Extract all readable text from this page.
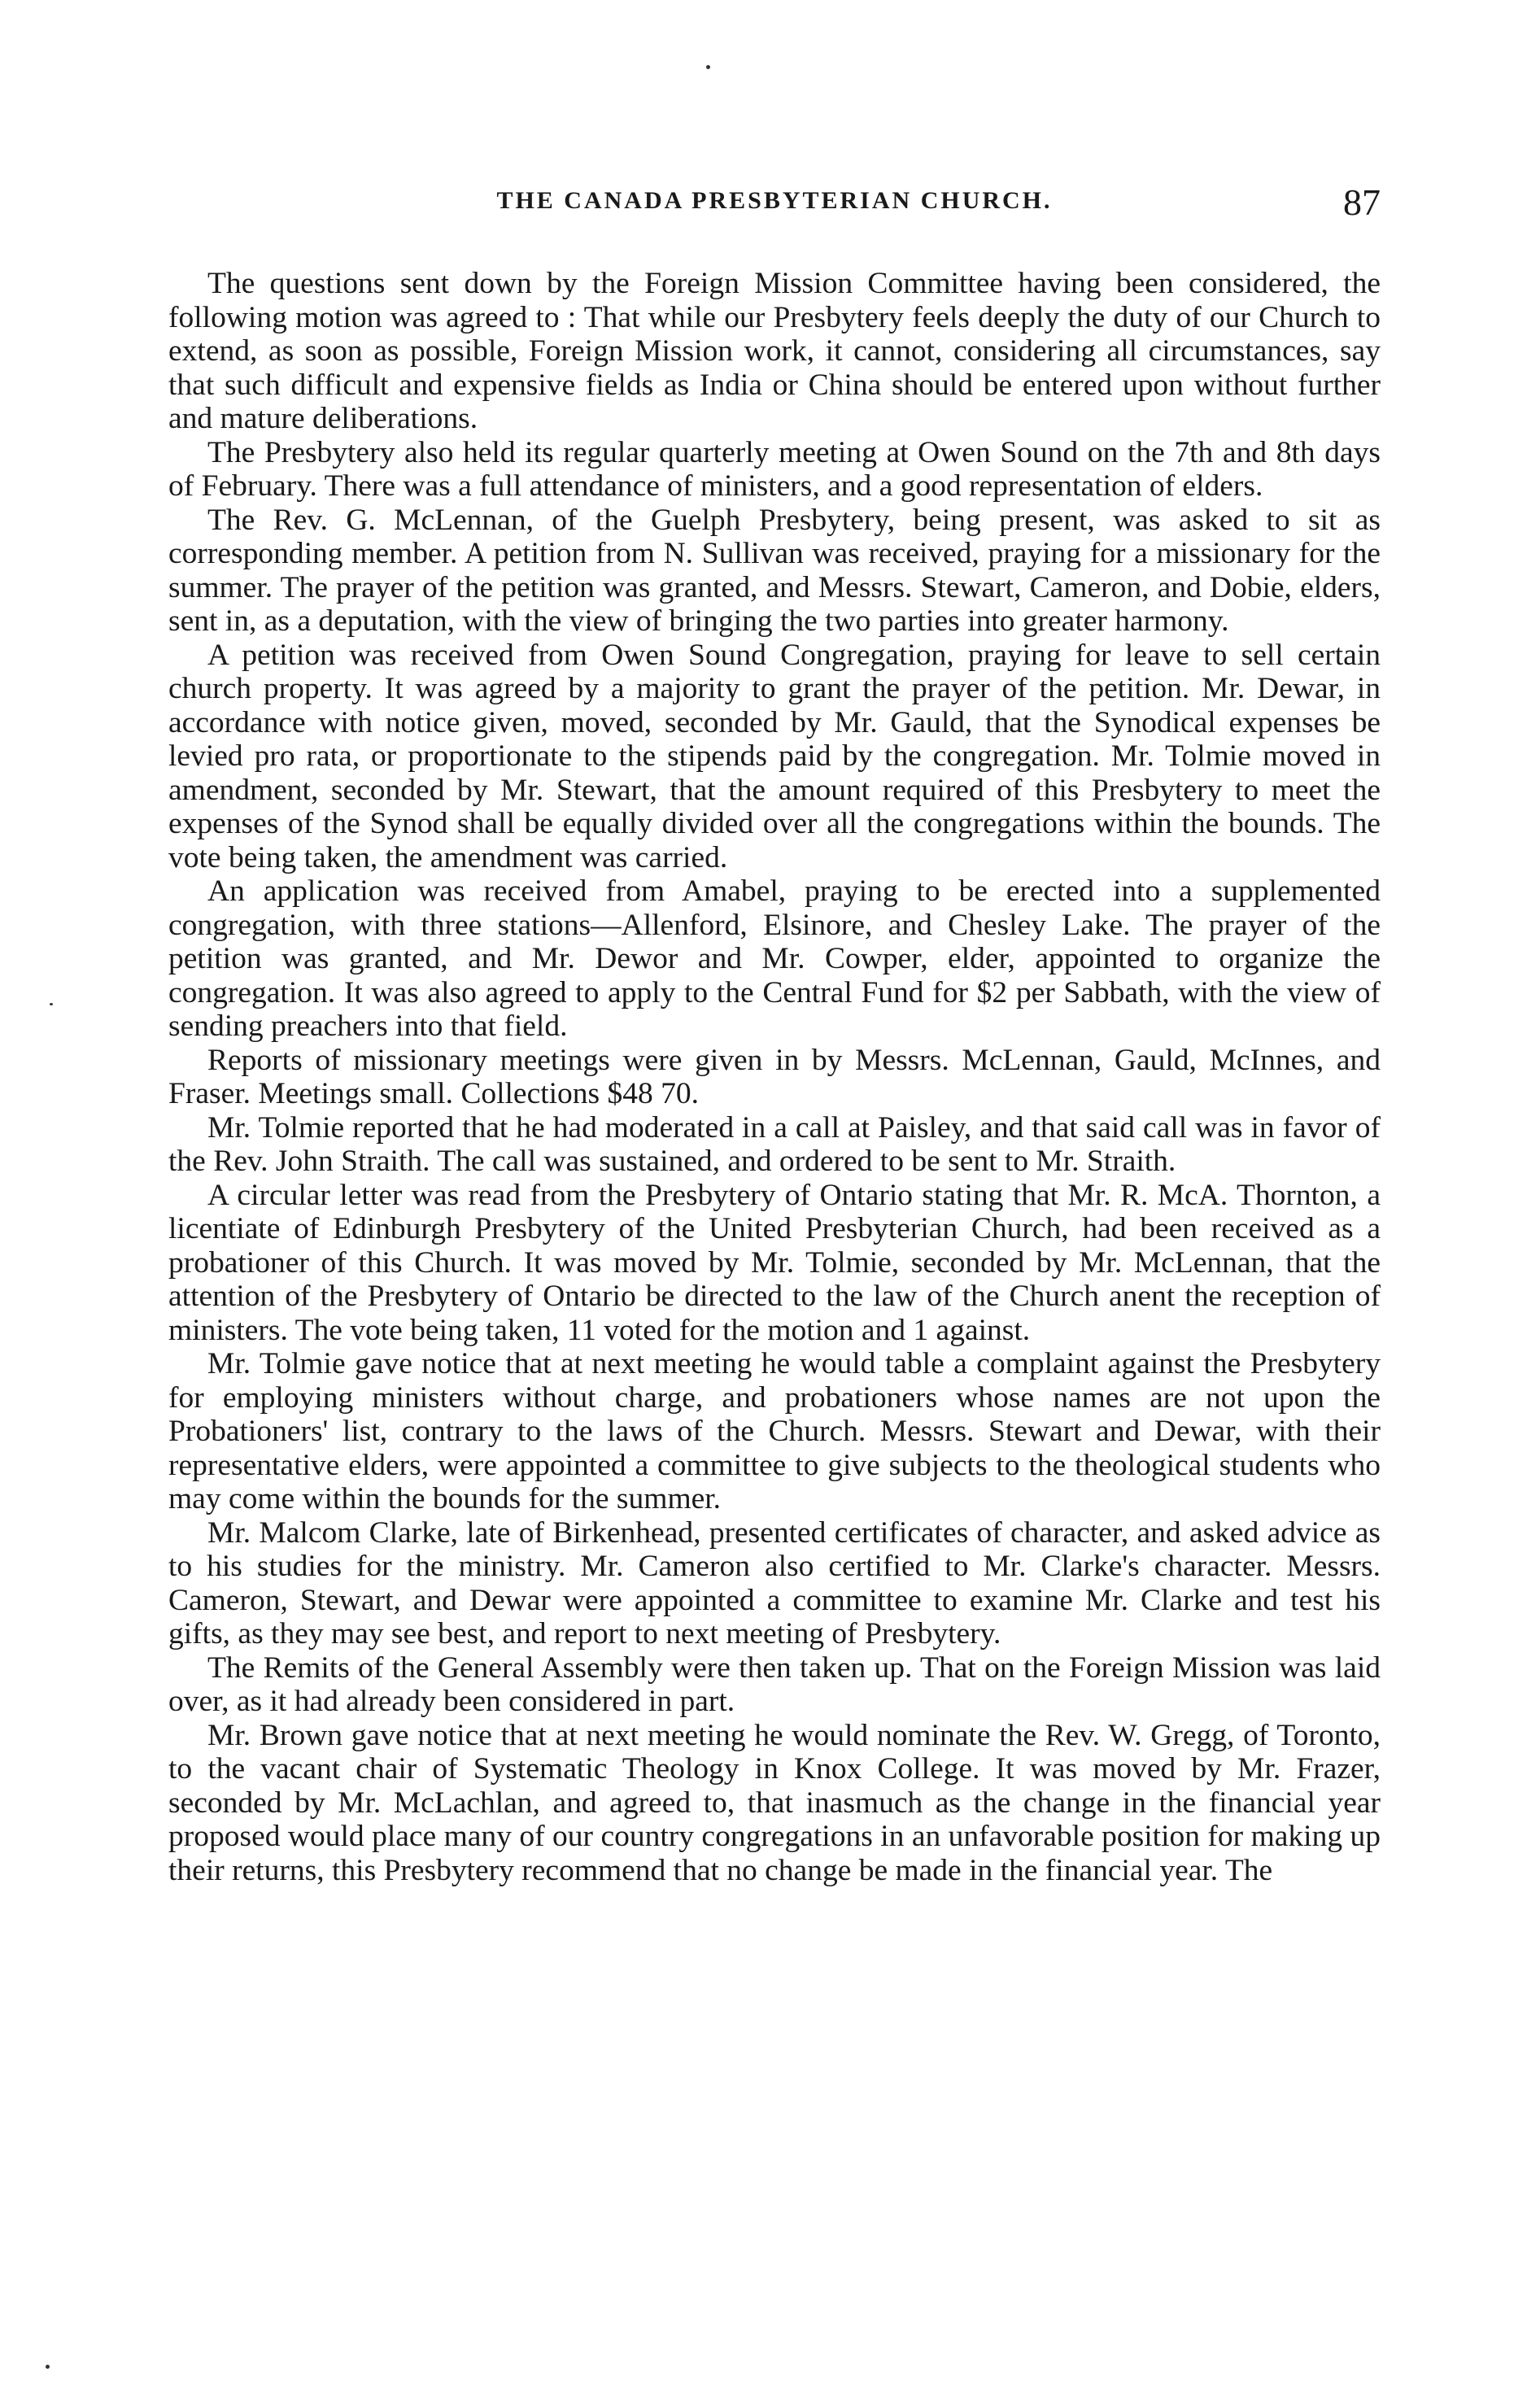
THE CANADA PRESBYTERIAN CHURCH.	87

The questions sent down by the Foreign Mission Committee having been considered, the following motion was agreed to : That while our Presbytery feels deeply the duty of our Church to extend, as soon as possible, Foreign Mission work, it cannot, considering all circumstances, say that such difficult and expensive fields as India or China should be entered upon without further and mature deliberations.

The Presbytery also held its regular quarterly meeting at Owen Sound on the 7th and 8th days of February. There was a full attendance of ministers, and a good representation of elders.

The Rev. G. McLennan, of the Guelph Presbytery, being present, was asked to sit as corresponding member. A petition from N. Sullivan was received, praying for a missionary for the summer. The prayer of the petition was granted, and Messrs. Stewart, Cameron, and Dobie, elders, sent in, as a deputation, with the view of bringing the two parties into greater harmony.

A petition was received from Owen Sound Congregation, praying for leave to sell certain church property. It was agreed by a majority to grant the prayer of the petition. Mr. Dewar, in accordance with notice given, moved, seconded by Mr. Gauld, that the Synodical expenses be levied pro rata, or proportionate to the stipends paid by the congregation. Mr. Tolmie moved in amendment, seconded by Mr. Stewart, that the amount required of this Presbytery to meet the expenses of the Synod shall be equally divided over all the congregations within the bounds. The vote being taken, the amendment was carried.

An application was received from Amabel, praying to be erected into a supplemented congregation, with three stations—Allenford, Elsinore, and Chesley Lake. The prayer of the petition was granted, and Mr. Dewor and Mr. Cowper, elder, appointed to organize the congregation. It was also agreed to apply to the Central Fund for $2 per Sabbath, with the view of sending preachers into that field.

Reports of missionary meetings were given in by Messrs. McLennan, Gauld, McInnes, and Fraser. Meetings small. Collections $48 70.

Mr. Tolmie reported that he had moderated in a call at Paisley, and that said call was in favor of the Rev. John Straith. The call was sustained, and ordered to be sent to Mr. Straith.

A circular letter was read from the Presbytery of Ontario stating that Mr. R. McA. Thornton, a licentiate of Edinburgh Presbytery of the United Presbyterian Church, had been received as a probationer of this Church. It was moved by Mr. Tolmie, seconded by Mr. McLennan, that the attention of the Presbytery of Ontario be directed to the law of the Church anent the reception of ministers. The vote being taken, 11 voted for the motion and 1 against.

Mr. Tolmie gave notice that at next meeting he would table a complaint against the Presbytery for employing ministers without charge, and probationers whose names are not upon the Probationers' list, contrary to the laws of the Church. Messrs. Stewart and Dewar, with their representative elders, were appointed a committee to give subjects to the theological students who may come within the bounds for the summer.

Mr. Malcom Clarke, late of Birkenhead, presented certificates of character, and asked advice as to his studies for the ministry. Mr. Cameron also certified to Mr. Clarke's character. Messrs. Cameron, Stewart, and Dewar were appointed a committee to examine Mr. Clarke and test his gifts, as they may see best, and report to next meeting of Presbytery.

The Remits of the General Assembly were then taken up. That on the Foreign Mission was laid over, as it had already been considered in part.

Mr. Brown gave notice that at next meeting he would nominate the Rev. W. Gregg, of Toronto, to the vacant chair of Systematic Theology in Knox College. It was moved by Mr. Frazer, seconded by Mr. McLachlan, and agreed to, that inasmuch as the change in the financial year proposed would place many of our country congregations in an unfavorable position for making up their returns, this Presbytery recommend that no change be made in the financial year. The
